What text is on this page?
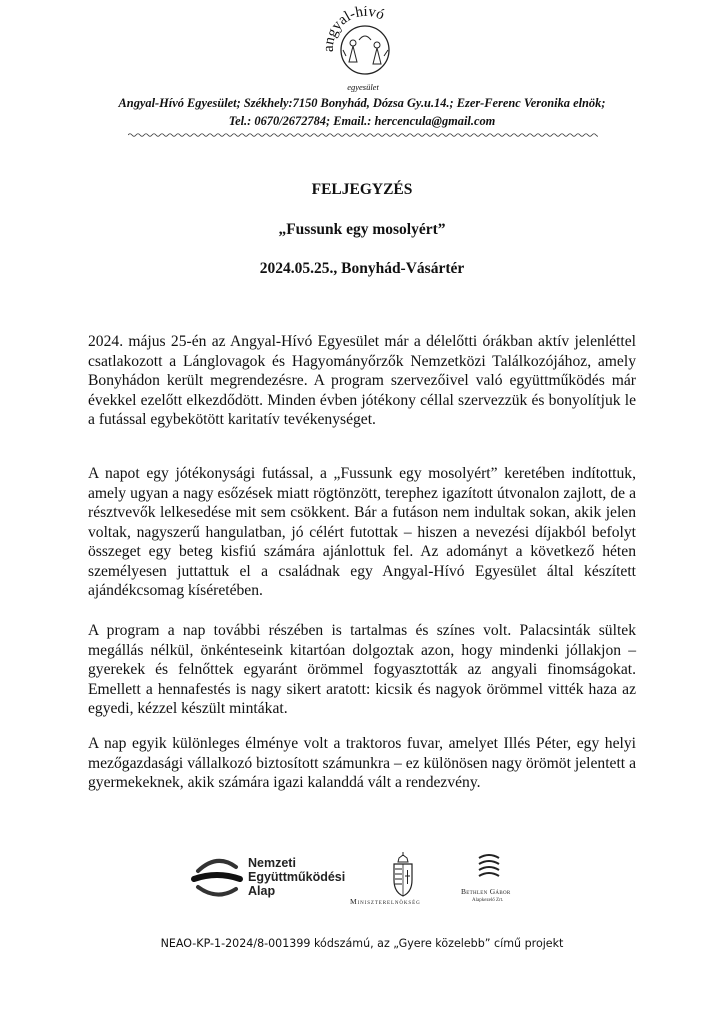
angyal-hívó
egyesület
Angyal-Hívó Egyesület; Székhely:7150 Bonyhád, Dózsa Gy.u.14.; Ezer-Ferenc Veronika elnök;
Tel.: 0670/2672784; Email.: hercencula@gmail.com
FELJEGYZÉS
„Fussunk egy mosolyért”
2024.05.25., Bonyhád-Vásártér
2024. május 25-én az Angyal-Hívó Egyesület már a délelőtti órákban aktív jelenléttel csatlakozott a Lánglovagok és Hagyományőrzők Nemzetközi Találkozójához, amely Bonyhádon került megrendezésre. A program szervezőivel való együttműködés már évekkel ezelőtt elkezdődött. Minden évben jótékony céllal szervezzük és bonyolítjuk le a futással egybekötött karitatív tevékenységet.
A napot egy jótékonysági futással, a „Fussunk egy mosolyért” keretében indítottuk, amely ugyan a nagy esőzések miatt rögtönzött, terephez igazított útvonalon zajlott, de a résztvevők lelkesedése mit sem csökkent. Bár a futáson nem indultak sokan, akik jelen voltak, nagyszerű hangulatban, jó célért futottak – hiszen a nevezési díjakból befolyt összeget egy beteg kisfiú számára ajánlottuk fel. Az adományt a következő héten személyesen juttattuk el a családnak egy Angyal-Hívó Egyesület által készített ajándékcsomag kíséretében.
A program a nap további részében is tartalmas és színes volt. Palacsinták sültek megállás nélkül, önkénteseink kitartóan dolgoztak azon, hogy mindenki jóllakjon – gyerekek és felnőttek egyaránt örömmel fogyasztották az angyali finomságokat. Emellett a hennafestés is nagy sikert aratott: kicsik és nagyok örömmel vitték haza az egyedi, kézzel készült mintákat.
A nap egyik különleges élménye volt a traktoros fuvar, amelyet Illés Péter, egy helyi mezőgazdasági vállalkozó biztosított számunkra – ez különösen nagy örömöt jelentett a gyermekeknek, akik számára igazi kalanddá vált a rendezvény.
Nemzeti
Együttműködési
Alap
Miniszterelnökség
Bethlen Gábor
Alapkezelő Zrt.
NEAO-KP-1-2024/8-001399 kódszámú, az „Gyere közelebb” című projekt
